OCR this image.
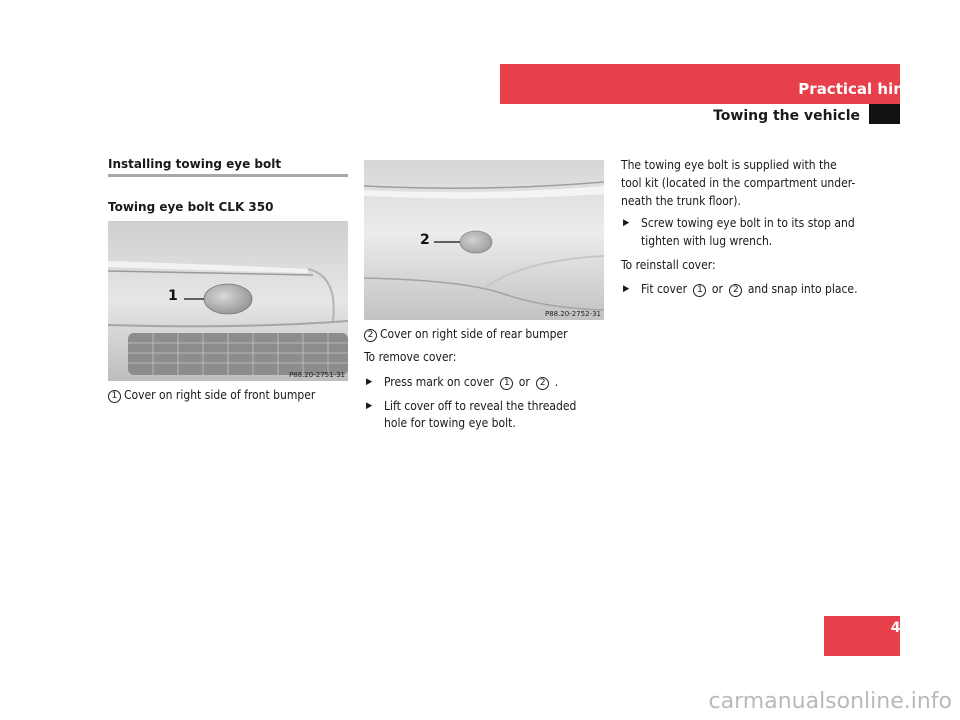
Practical hints
Towing the vehicle
Installing towing eye bolt
Towing eye bolt CLK 350
1
P88.20-2751-31
1 Cover on right side of front bumper
2
P88.20-2752-31
2 Cover on right side of rear bumper
To remove cover:
▶ Press mark on cover 1 or 2 .
▶ Lift cover off to reveal the threaded
hole for towing eye bolt.
The towing eye bolt is supplied with the
tool kit (located in the compartment under-
neath the trunk floor).
▶ Screw towing eye bolt in to its stop and
tighten with lug wrench.
To reinstall cover:
▶ Fit cover 1 or 2 and snap into place.
429
carmanualsonline.info
